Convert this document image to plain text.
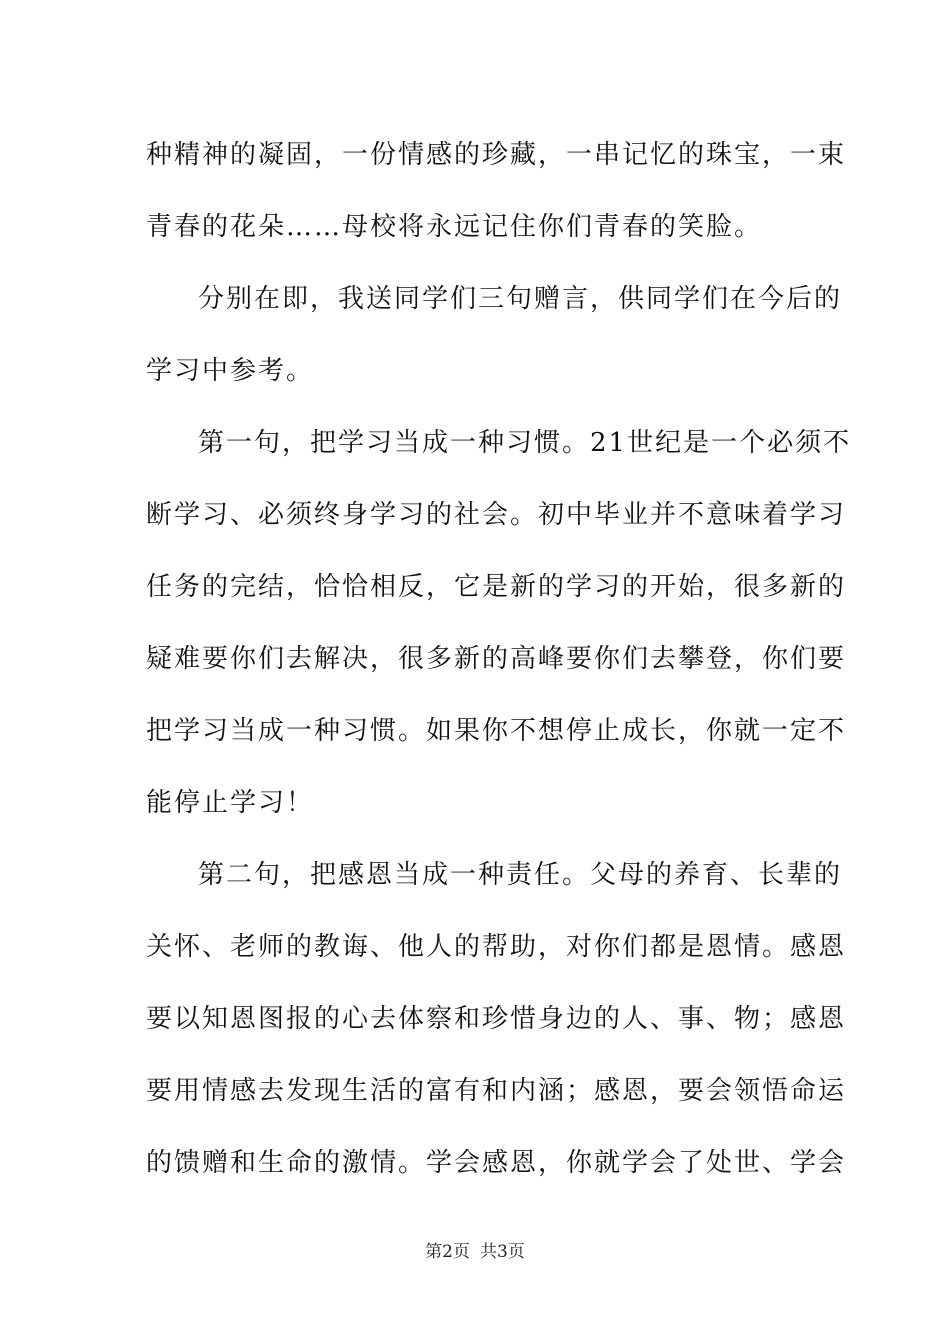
种精神的凝固，一份情感的珍藏，一串记忆的珠宝，一束
青春的花朵……母校将永远记住你们青春的笑脸。
分别在即，我送同学们三句赠言，供同学们在今后的
学习中参考。
第一句，把学习当成一种习惯。21世纪是一个必须不
断学习、必须终身学习的社会。初中毕业并不意味着学习
任务的完结，恰恰相反，它是新的学习的开始，很多新的
疑难要你们去解决，很多新的高峰要你们去攀登，你们要
把学习当成一种习惯。如果你不想停止成长，你就一定不
能停止学习！
第二句，把感恩当成一种责任。父母的养育、长辈的
关怀、老师的教诲、他人的帮助，对你们都是恩情。感恩
要以知恩图报的心去体察和珍惜身边的人、事、物；感恩
要用情感去发现生活的富有和内涵；感恩，要会领悟命运
的馈赠和生命的激情。学会感恩，你就学会了处世、学会
第2页 共3页
